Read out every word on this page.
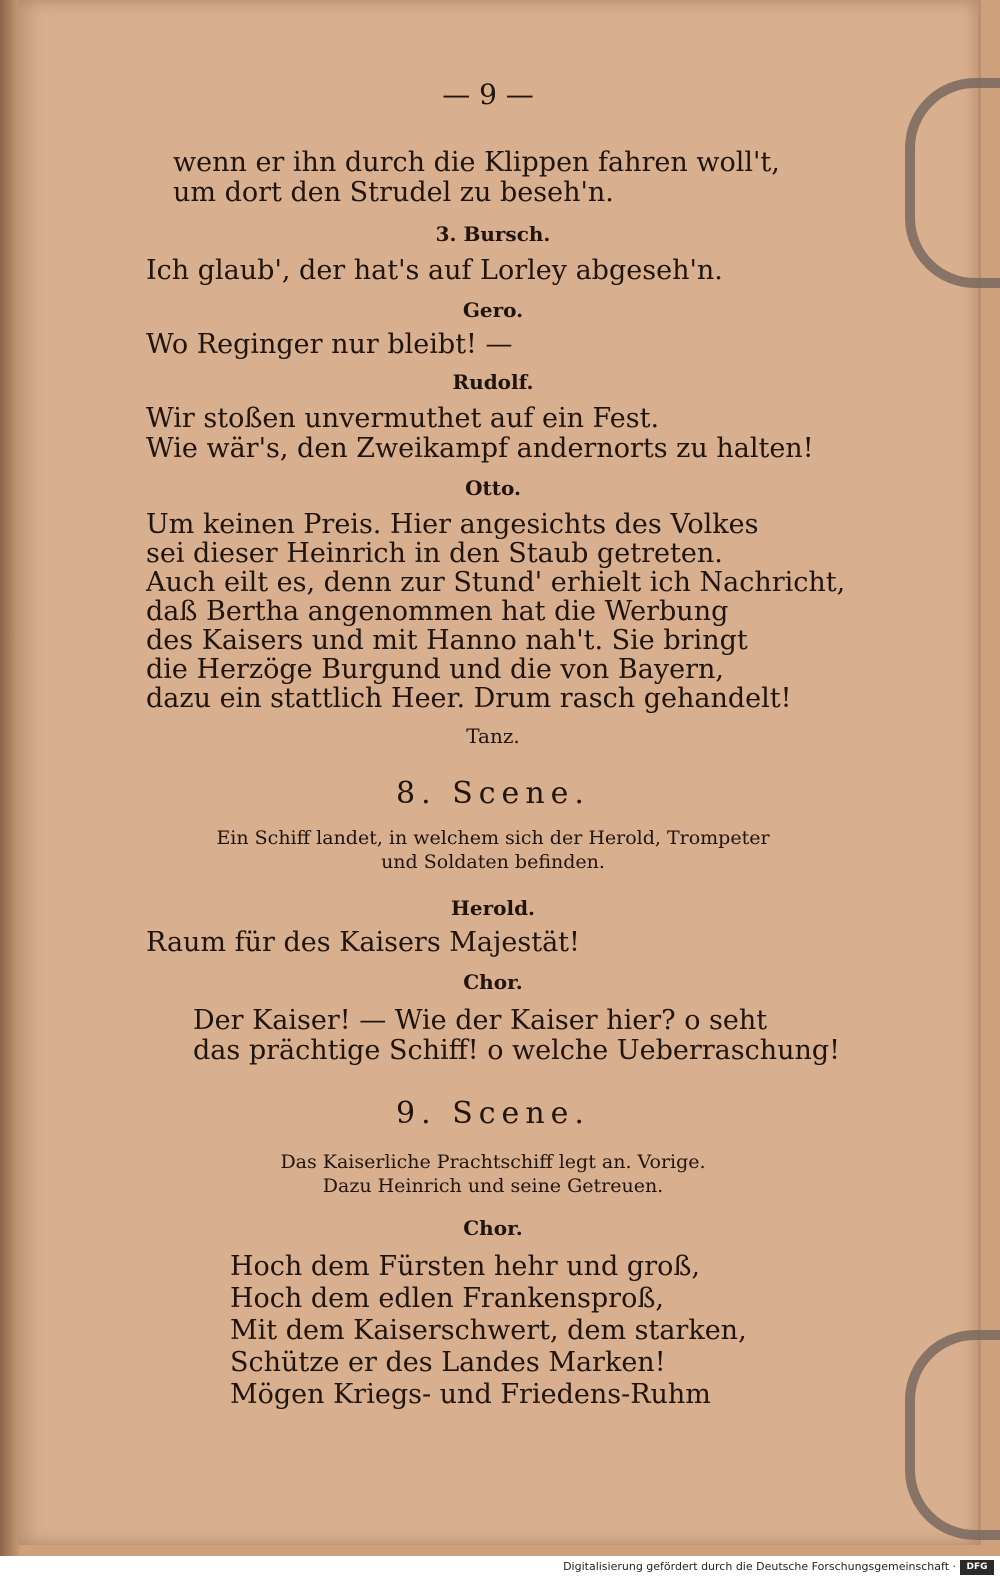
— 9 —
wenn er ihn durch die Klippen fahren woll't,
um dort den Strudel zu beseh'n.
3. Bursch.
Ich glaub', der hat's auf Lorley abgeseh'n.
Gero.
Wo Reginger nur bleibt! —
Rudolf.
Wir stoßen unvermuthet auf ein Fest.
Wie wär's, den Zweikampf andernorts zu halten!
Otto.
Um keinen Preis. Hier angesichts des Volkes
sei dieser Heinrich in den Staub getreten.
Auch eilt es, denn zur Stund' erhielt ich Nachricht,
daß Bertha angenommen hat die Werbung
des Kaisers und mit Hanno nah't. Sie bringt
die Herzöge Burgund und die von Bayern,
dazu ein stattlich Heer. Drum rasch gehandelt!
Tanz.
8. Scene.
Ein Schiff landet, in welchem sich der Herold, Trompeter
und Soldaten befinden.
Herold.
Raum für des Kaisers Majestät!
Chor.
Der Kaiser! — Wie der Kaiser hier? o seht
das prächtige Schiff! o welche Ueberraschung!
9. Scene.
Das Kaiserliche Prachtschiff legt an. Vorige.
Dazu Heinrich und seine Getreuen.
Chor.
Hoch dem Fürsten hehr und groß,
Hoch dem edlen Frankensproß,
Mit dem Kaiserschwert, dem starken,
Schütze er des Landes Marken!
Mögen Kriegs- und Friedens-Ruhm
Digitalisierung gefördert durch die Deutsche Forschungsgemeinschaft ·	DFG
